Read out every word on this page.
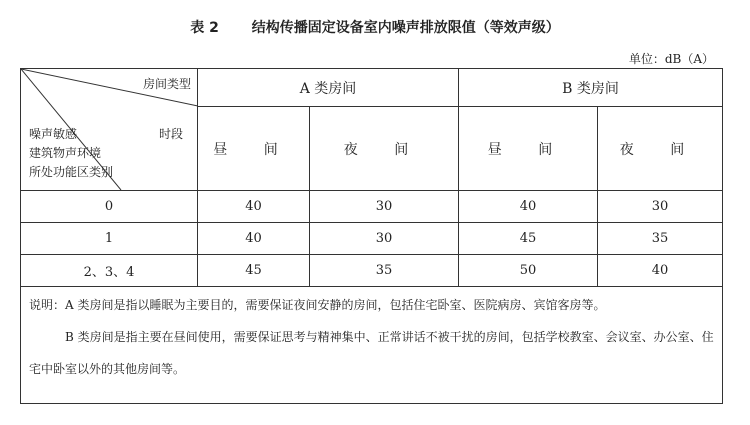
表 2 结构传播固定设备室内噪声排放限值（等效声级）
单位：dB（A）
房间类型
时段
噪声敏感
建筑物声环境
所处功能区类别	A 类房间		B 类房间	
	昼 间	夜 间	昼 间	夜 间
0	40	30	40	30
1	40	30	45	35
2、3、4	45	35	50	40

说明：A 类房间是指以睡眠为主要目的，需要保证夜间安静的房间，包括住宅卧室、医院病房、宾馆客房等。
B 类房间是指主要在昼间使用，需要保证思考与精神集中、正常讲话不被干扰的房间，包括学校教室、会议室、办公室、住宅中卧室以外的其他房间等。				
